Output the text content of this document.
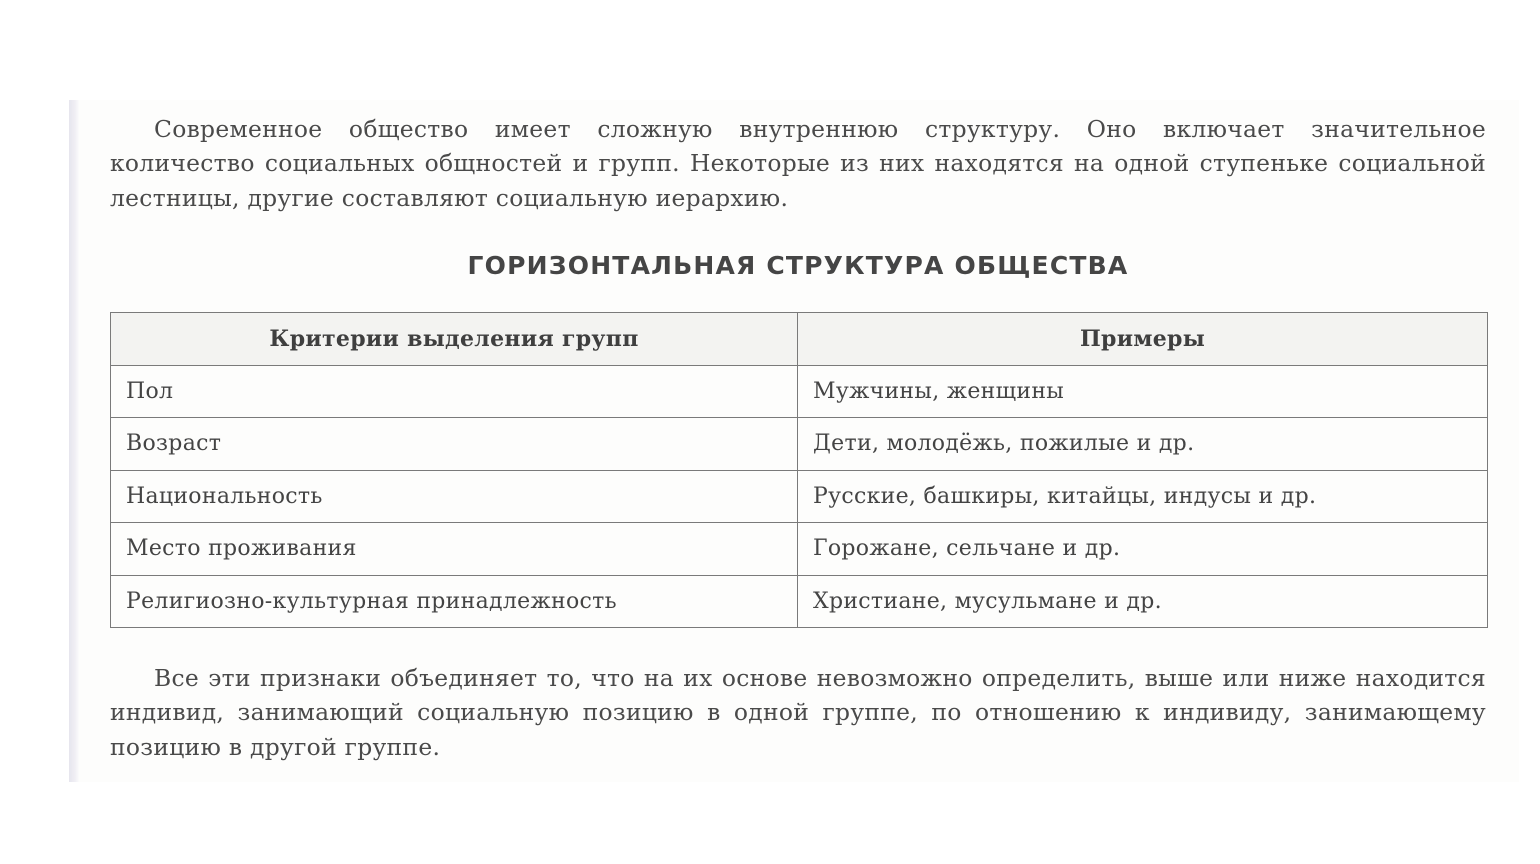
Современное общество имеет сложную внутреннюю структуру. Оно включает значительное количество социальных общностей и групп. Некоторые из них находятся на одной ступеньке социальной лестницы, другие составляют социальную иерархию.

ГОРИЗОНТАЛЬНАЯ СТРУКТУРА ОБЩЕСТВА
Критерии выделения групп	Примеры
Пол	Мужчины, женщины
Возраст	Дети, молодёжь, пожилые и др.
Национальность	Русские, башкиры, китайцы, индусы и др.
Место проживания	Горожане, сельчане и др.
Религиозно-культурная принадлежность	Христиане, мусульмане и др.

Все эти признаки объединяет то, что на их основе невозможно определить, выше или ниже находится индивид, занимающий социальную позицию в одной группе, по отношению к индивиду, занимающему позицию в другой группе.
